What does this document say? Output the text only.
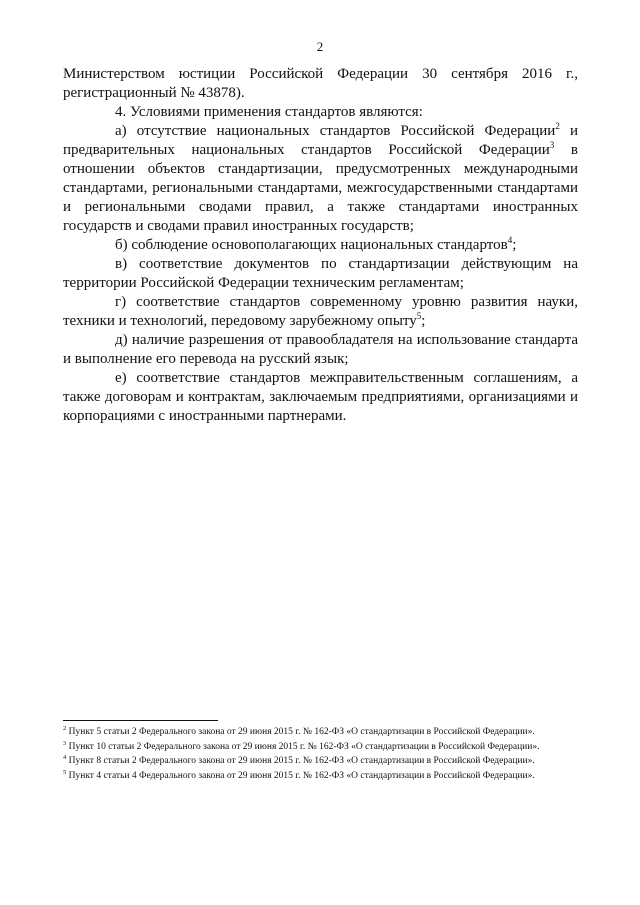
2

Министерством юстиции Российской Федерации 30 сентября 2016 г., регистрационный № 43878).

4. Условиями применения стандартов являются:

а) отсутствие национальных стандартов Российской Федерации$^2$ и предварительных национальных стандартов Российской Федерации$^3$ в отношении объектов стандартизации, предусмотренных международными стандартами, региональными стандартами, межгосударственными стандартами и региональными сводами правил, а также стандартами иностранных государств и сводами правил иностранных государств;

б) соблюдение основополагающих национальных стандартов$^4$;

в) соответствие документов по стандартизации действующим на территории Российской Федерации техническим регламентам;

г) соответствие стандартов современному уровню развития науки, техники и технологий, передовому зарубежному опыту$^5$;

д) наличие разрешения от правообладателя на использование стандарта и выполнение его перевода на русский язык;

е) соответствие стандартов межправительственным соглашениям, а также договорам и контрактам, заключаемым предприятиями, организациями и корпорациями с иностранными партнерами.

$^2$ Пункт 5 статьи 2 Федерального закона от 29 июня 2015 г. № 162-ФЗ «О стандартизации в Российской Федерации».

$^3$ Пункт 10 статьи 2 Федерального закона от 29 июня 2015 г. № 162-ФЗ «О стандартизации в Российской Федерации».

$^4$ Пункт 8 статьи 2 Федерального закона от 29 июня 2015 г. № 162-ФЗ «О стандартизации в Российской Федерации».

$^5$ Пункт 4 статьи 4 Федерального закона от 29 июня 2015 г. № 162-ФЗ «О стандартизации в Российской Федерации».
